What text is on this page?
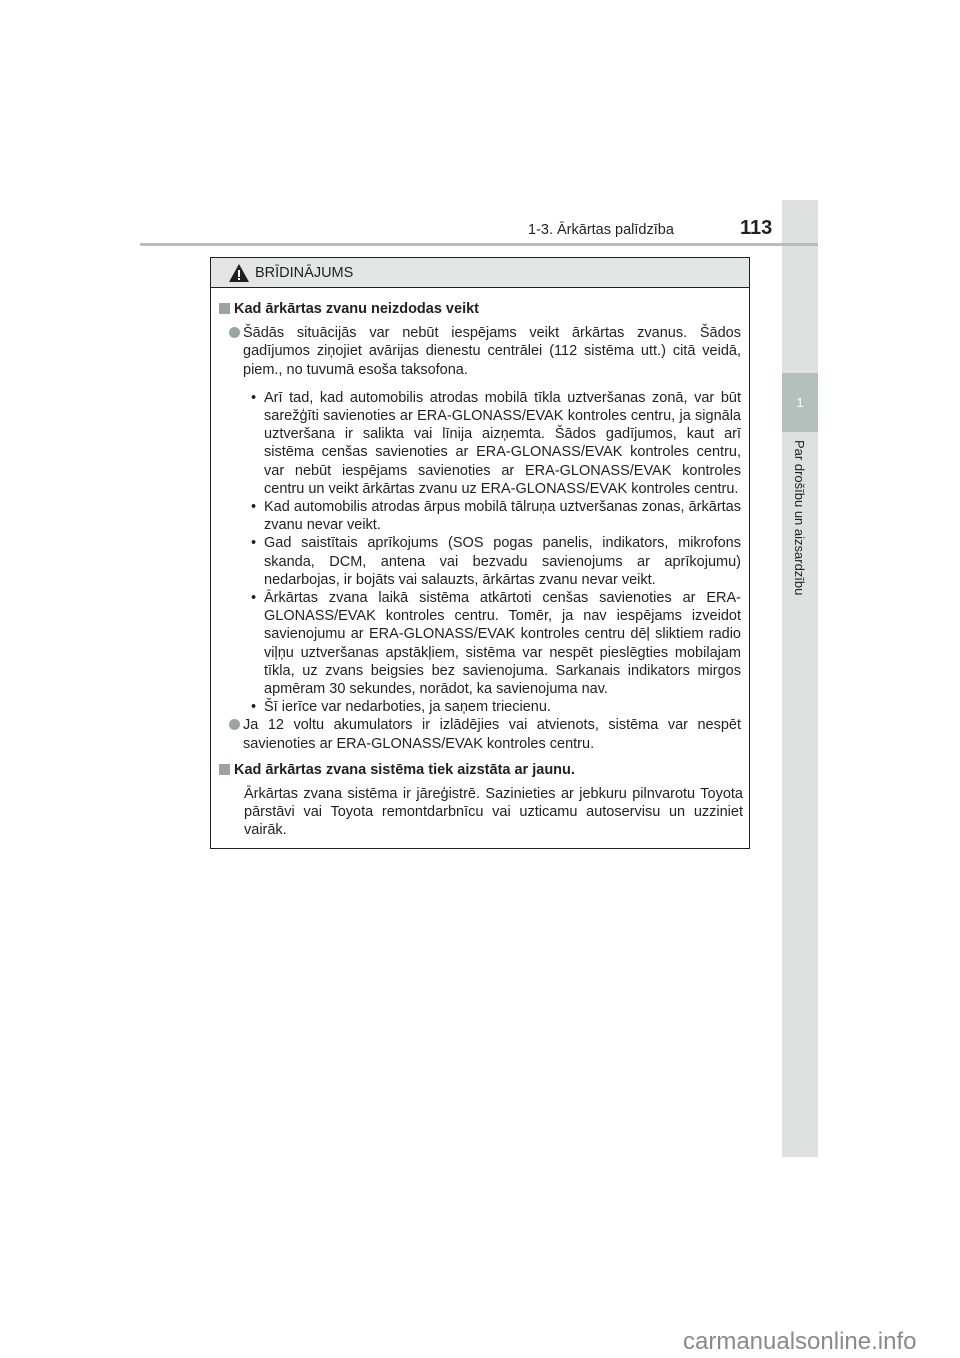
1
Par drošību un aizsardzību
1-3. Ārkārtas palīdzība	113
BRĪDINĀJUMS
Kad ārkārtas zvanu neizdodas veikt
Šādās situācijās var nebūt iespējams veikt ārkārtas zvanus. Šādos gadījumos ziņojiet avārijas dienestu centrālei (112 sistēma utt.) citā veidā, piem., no tuvumā esoša taksofona.
• Arī tad, kad automobilis atrodas mobilā tīkla uztveršanas zonā, var būt sarežģīti savienoties ar ERA-GLONASS/EVAK kontroles centru, ja signāla uztveršana ir salikta vai līnija aizņemta. Šādos gadījumos, kaut arī sistēma cenšas savienoties ar ERA-GLONASS/EVAK kontroles centru, var nebūt iespējams savienoties ar ERA-GLONASS/EVAK kontroles centru un veikt ārkārtas zvanu uz ERA-GLONASS/EVAK kontroles centru.
• Kad automobilis atrodas ārpus mobilā tālruņa uztveršanas zonas, ārkārtas zvanu nevar veikt.
• Gad saistītais aprīkojums (SOS pogas panelis, indikators, mikrofons skanda, DCM, antena vai bezvadu savienojums ar aprīkojumu) nedarbojas, ir bojāts vai salauzts, ārkārtas zvanu nevar veikt.
• Ārkārtas zvana laikā sistēma atkārtoti cenšas savienoties ar ERA-GLONASS/EVAK kontroles centru. Tomēr, ja nav iespējams izveidot savienojumu ar ERA-GLONASS/EVAK kontroles centru dēļ sliktiem radio viļņu uztveršanas apstākļiem, sistēma var nespēt pieslēgties mobilajam tīkla, uz zvans beigsies bez savienojuma. Sarkanais indikators mirgos apmēram 30 sekundes, norādot, ka savienojuma nav.
• Šī ierīce var nedarboties, ja saņem triecienu.
Ja 12 voltu akumulators ir izlādējies vai atvienots, sistēma var nespēt savienoties ar ERA-GLONASS/EVAK kontroles centru.
Kad ārkārtas zvana sistēma tiek aizstāta ar jaunu.
Ārkārtas zvana sistēma ir jāreģistrē. Sazinieties ar jebkuru pilnvarotu Toyota pārstāvi vai Toyota remontdarbnīcu vai uzticamu autoservisu un uzziniet vairāk.
carmanualsonline.info
